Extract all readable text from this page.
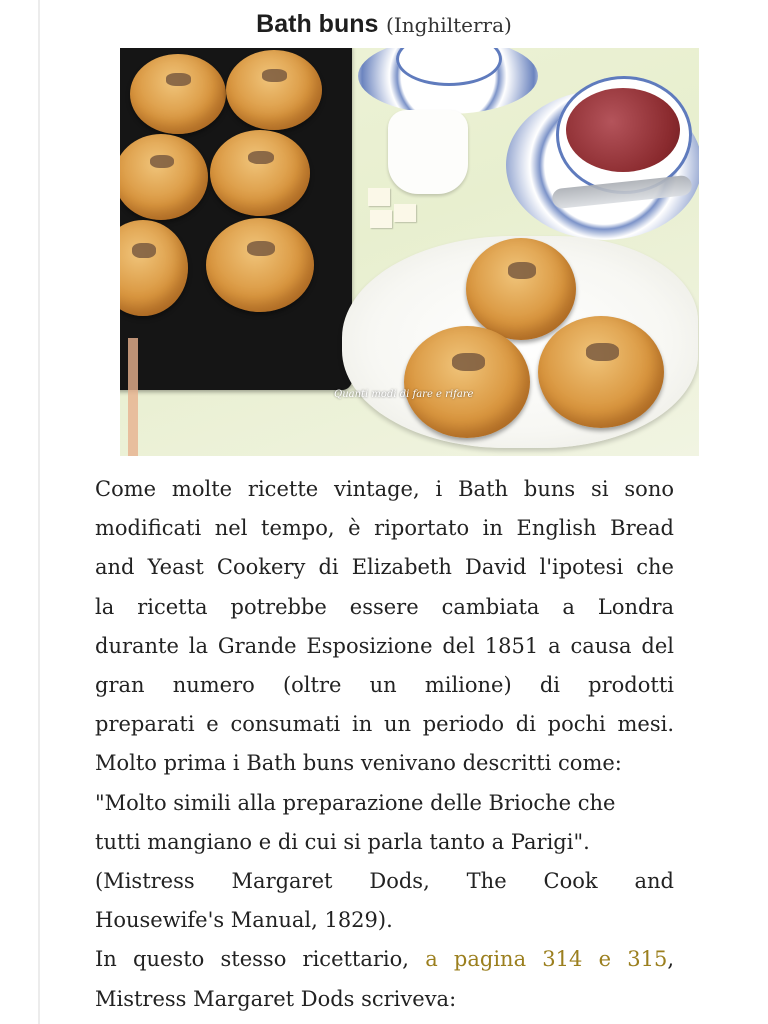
Bath buns (Inghilterra)
Quanti modi di fare e rifare

Come molte ricette vintage, i Bath buns si sono
modificati nel tempo, è riportato in English Bread
and Yeast Cookery di Elizabeth David l'ipotesi che
la ricetta potrebbe essere cambiata a Londra
durante la Grande Esposizione del 1851 a causa del
gran numero (oltre un milione) di prodotti
preparati e consumati in un periodo di pochi mesi.

Molto prima i Bath buns venivano descritti come:
"Molto simili alla preparazione delle Brioche che
tutti mangiano e di cui si parla tanto a Parigi".
(Mistress Margaret Dods, The Cook and
Housewife's Manual, 1829).

In questo stesso ricettario, a pagina 314 e 315,
Mistress Margaret Dods scriveva:
